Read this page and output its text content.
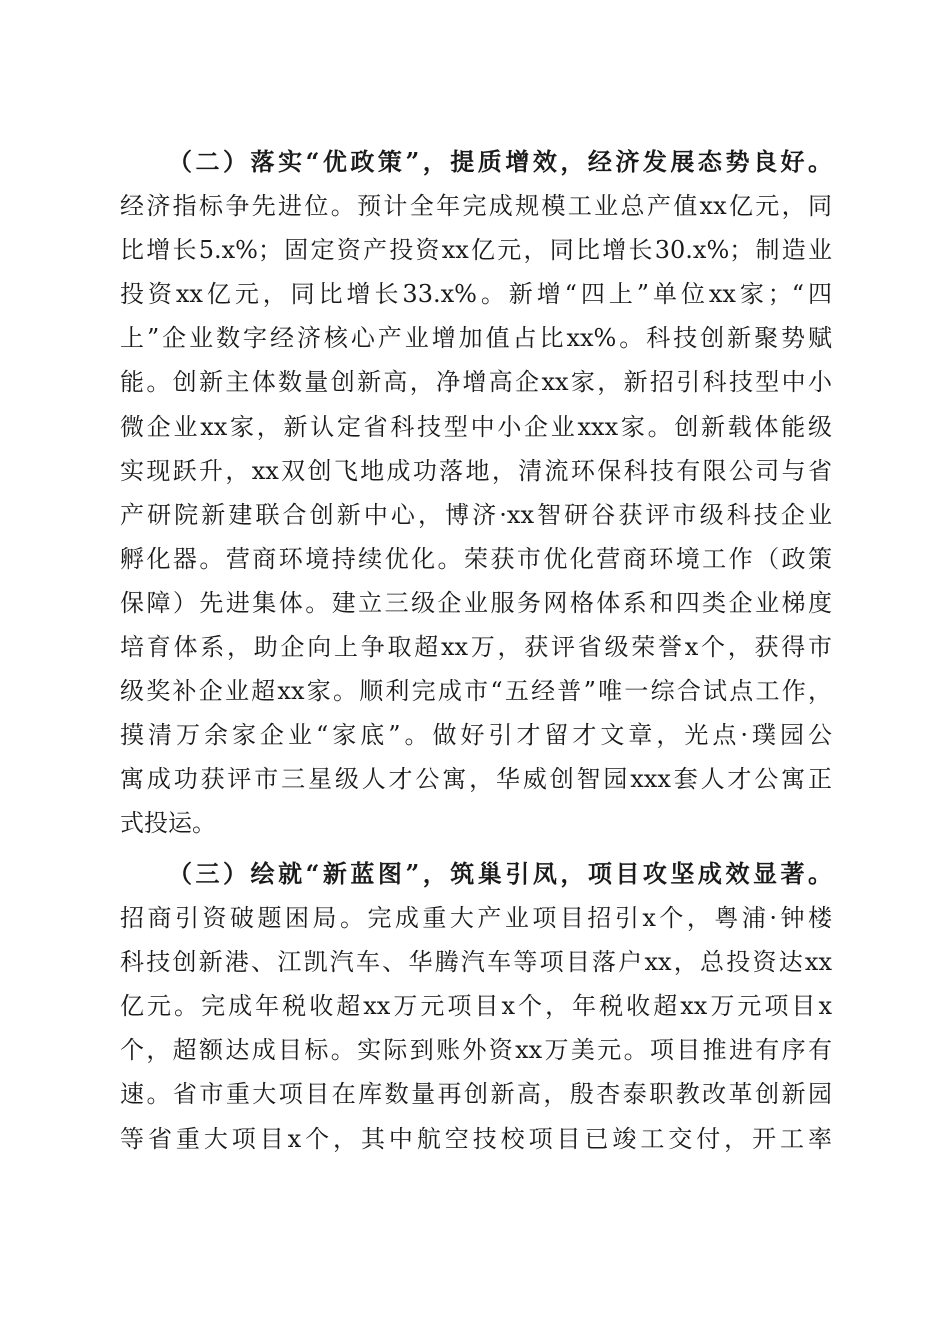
（二）落实“优政策”，提质增效，经济发展态势良好。
经济指标争先进位。预计全年完成规模工业总产值xx亿元，同
比增长5.x%；固定资产投资xx亿元，同比增长30.x%；制造业
投资xx亿元，同比增长33.x%。新增“四上”单位xx家；“四
上”企业数字经济核心产业增加值占比xx%。科技创新聚势赋
能。创新主体数量创新高，净增高企xx家，新招引科技型中小
微企业xx家，新认定省科技型中小企业xxx家。创新载体能级
实现跃升，xx双创飞地成功落地，清流环保科技有限公司与省
产研院新建联合创新中心，博济·xx智研谷获评市级科技企业
孵化器。营商环境持续优化。荣获市优化营商环境工作（政策
保障）先进集体。建立三级企业服务网格体系和四类企业梯度
培育体系，助企向上争取超xx万，获评省级荣誉x个，获得市
级奖补企业超xx家。顺利完成市“五经普”唯一综合试点工作，
摸清万余家企业“家底”。做好引才留才文章，光点·璞园公
寓成功获评市三星级人才公寓，华威创智园xxx套人才公寓正
式投运。
（三）绘就“新蓝图”，筑巢引凤，项目攻坚成效显著。
招商引资破题困局。完成重大产业项目招引x个，粤浦·钟楼
科技创新港、江凯汽车、华腾汽车等项目落户xx，总投资达xx
亿元。完成年税收超xx万元项目x个，年税收超xx万元项目x
个，超额达成目标。实际到账外资xx万美元。项目推进有序有
速。省市重大项目在库数量再创新高，殷杏泰职教改革创新园
等省重大项目x个，其中航空技校项目已竣工交付，开工率
